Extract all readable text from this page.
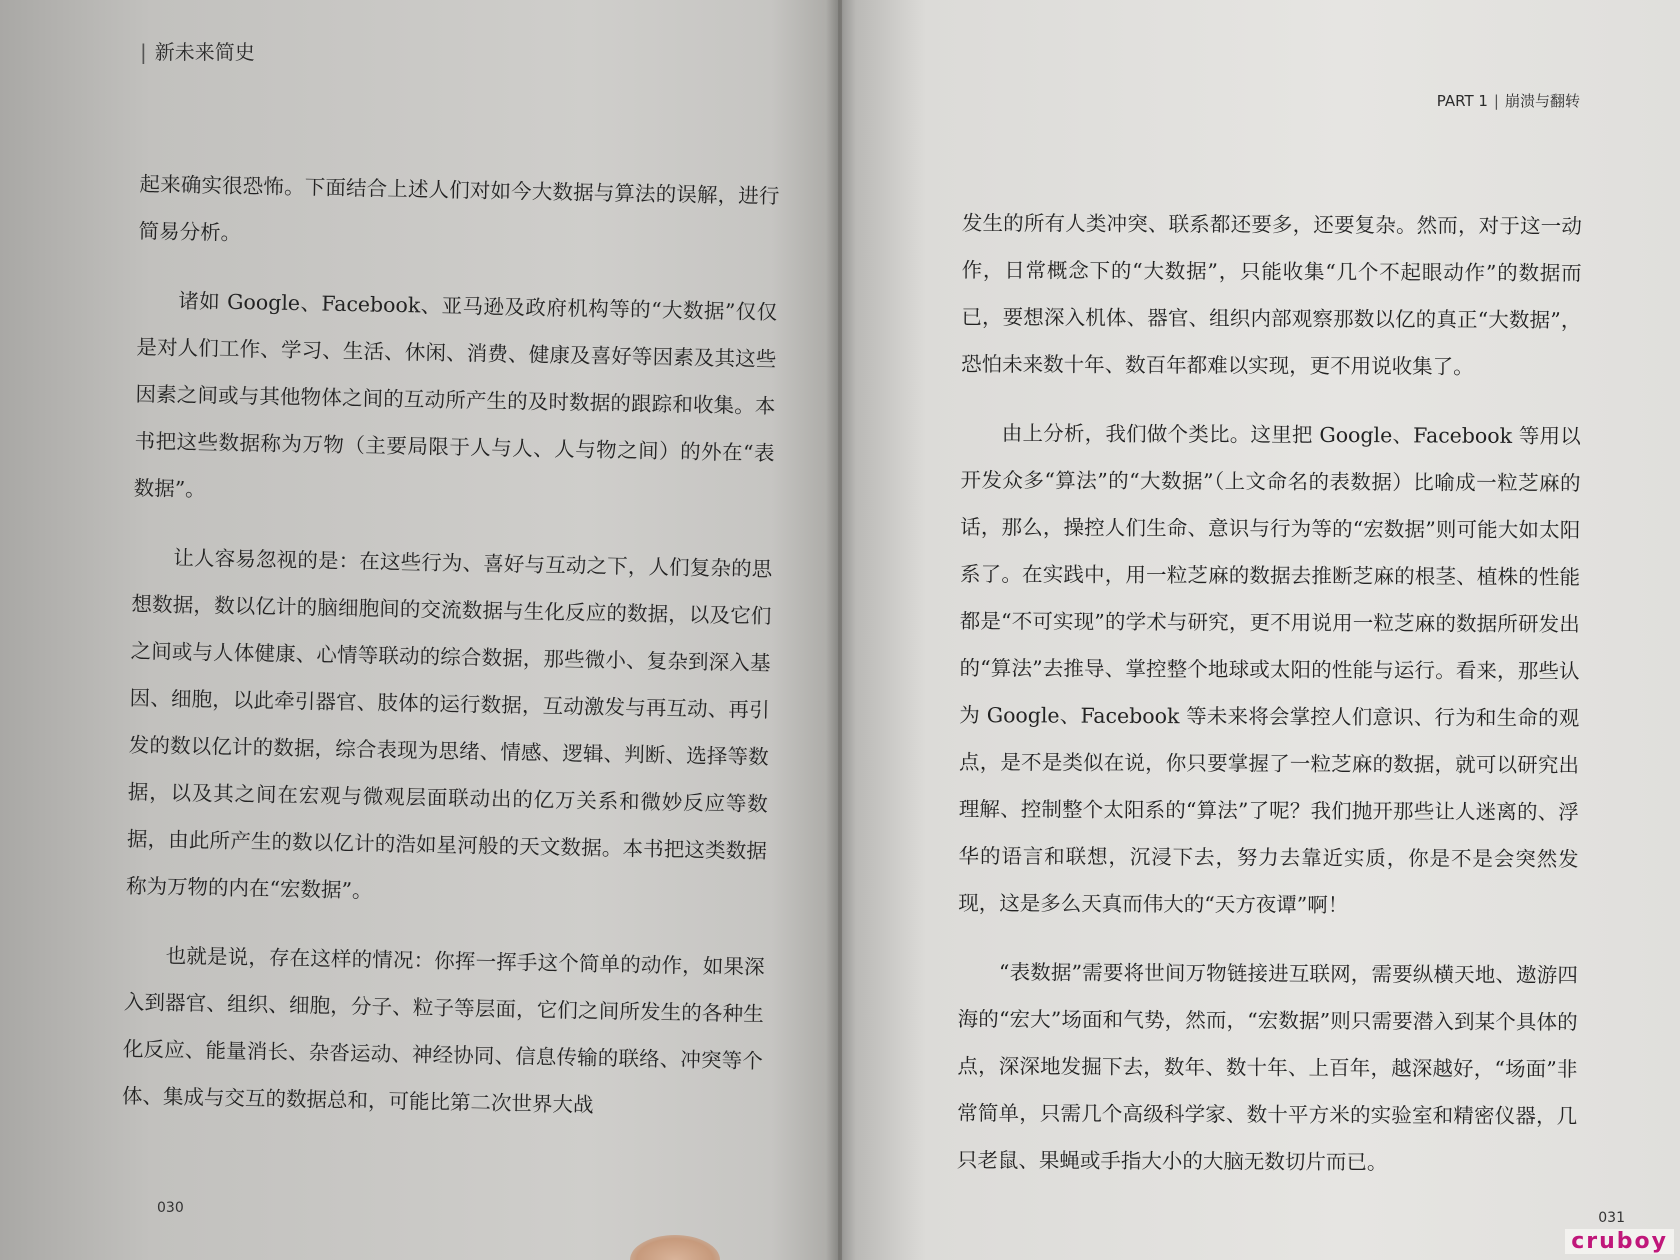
| 新未来简史

起来确实很恐怖。下面结合上述人们对如今大数据与算法的误解，进行简易分析。

诸如 Google、Facebook、亚马逊及政府机构等的“大数据”仅仅是对人们工作、学习、生活、休闲、消费、健康及喜好等因素及其这些因素之间或与其他物体之间的互动所产生的及时数据的跟踪和收集。本书把这些数据称为万物（主要局限于人与人、人与物之间）的外在“表数据”。

让人容易忽视的是：在这些行为、喜好与互动之下，人们复杂的思想数据，数以亿计的脑细胞间的交流数据与生化反应的数据，以及它们之间或与人体健康、心情等联动的综合数据，那些微小、复杂到深入基因、细胞，以此牵引器官、肢体的运行数据，互动激发与再互动、再引发的数以亿计的数据，综合表现为思绪、情感、逻辑、判断、选择等数据，以及其之间在宏观与微观层面联动出的亿万关系和微妙反应等数据，由此所产生的数以亿计的浩如星河般的天文数据。本书把这类数据称为万物的内在“宏数据”。

也就是说，存在这样的情况：你挥一挥手这个简单的动作，如果深入到器官、组织、细胞，分子、粒子等层面，它们之间所发生的各种生化反应、能量消长、杂沓运动、神经协同、信息传输的联络、冲突等个体、集成与交互的数据总和，可能比第二次世界大战

030
PART 1 | 崩溃与翻转

发生的所有人类冲突、联系都还要多，还要复杂。然而，对于这一动作，日常概念下的“大数据”，只能收集“几个不起眼动作”的数据而已，要想深入机体、器官、组织内部观察那数以亿的真正“大数据”，恐怕未来数十年、数百年都难以实现，更不用说收集了。

由上分析，我们做个类比。这里把 Google、Facebook 等用以开发众多“算法”的“大数据”（上文命名的表数据）比喻成一粒芝麻的话，那么，操控人们生命、意识与行为等的“宏数据”则可能大如太阳系了。在实践中，用一粒芝麻的数据去推断芝麻的根茎、植株的性能都是“不可实现”的学术与研究，更不用说用一粒芝麻的数据所研发出的“算法”去推导、掌控整个地球或太阳的性能与运行。看来，那些认为 Google、Facebook 等未来将会掌控人们意识、行为和生命的观点，是不是类似在说，你只要掌握了一粒芝麻的数据，就可以研究出理解、控制整个太阳系的“算法”了呢？我们抛开那些让人迷离的、浮华的语言和联想，沉浸下去，努力去靠近实质，你是不是会突然发现，这是多么天真而伟大的“天方夜谭”啊！

“表数据”需要将世间万物链接进互联网，需要纵横天地、遨游四海的“宏大”场面和气势，然而，“宏数据”则只需要潜入到某个具体的点，深深地发掘下去，数年、数十年、上百年，越深越好，“场面”非常简单，只需几个高级科学家、数十平方米的实验室和精密仪器，几只老鼠、果蝇或手指大小的大脑无数切片而已。

031
cruboy
